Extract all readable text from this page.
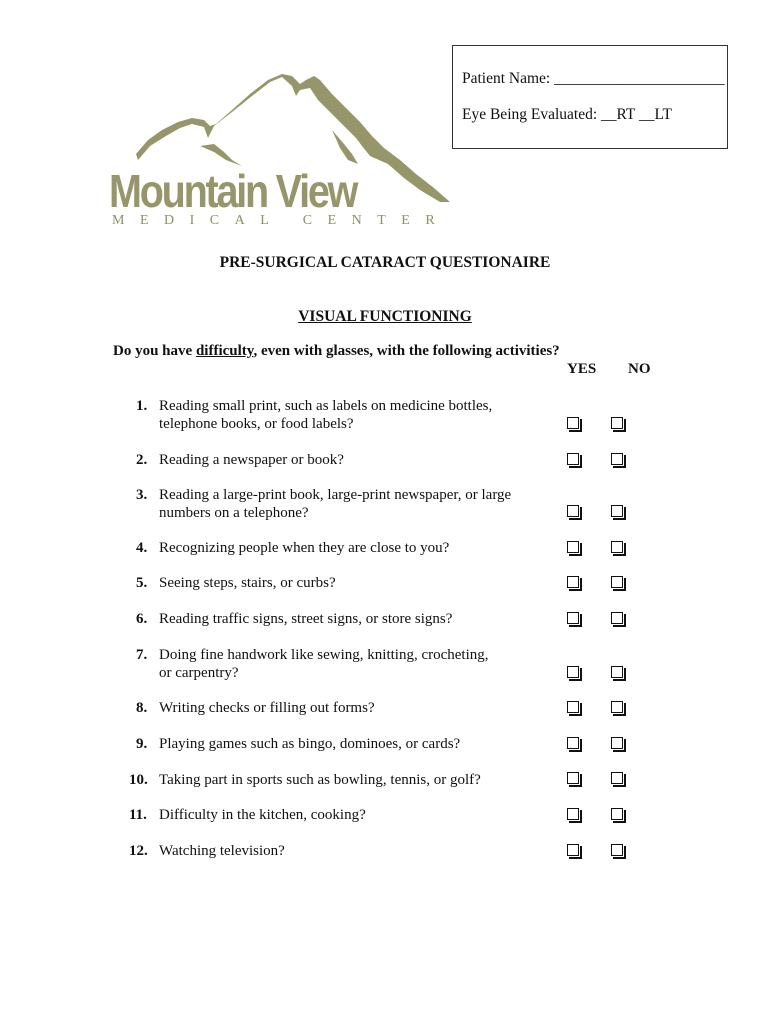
Patient Name: ______________________
Eye Being Evaluated: __RT __LT
Mountain View
MEDICAL CENTER
PRE-SURGICAL CATARACT QUESTIONAIRE
VISUAL FUNCTIONING
Do you have difficulty, even with glasses, with the following activities?
YES NO
1. Reading small print, such as labels on medicine bottles,
telephone books, or food labels?
2. Reading a newspaper or book?
3. Reading a large-print book, large-print newspaper, or large
numbers on a telephone?
4. Recognizing people when they are close to you?
5. Seeing steps, stairs, or curbs?
6. Reading traffic signs, street signs, or store signs?
7. Doing fine handwork like sewing, knitting, crocheting,
or carpentry?
8. Writing checks or filling out forms?
9. Playing games such as bingo, dominoes, or cards?
10. Taking part in sports such as bowling, tennis, or golf?
11. Difficulty in the kitchen, cooking?
12. Watching television?
